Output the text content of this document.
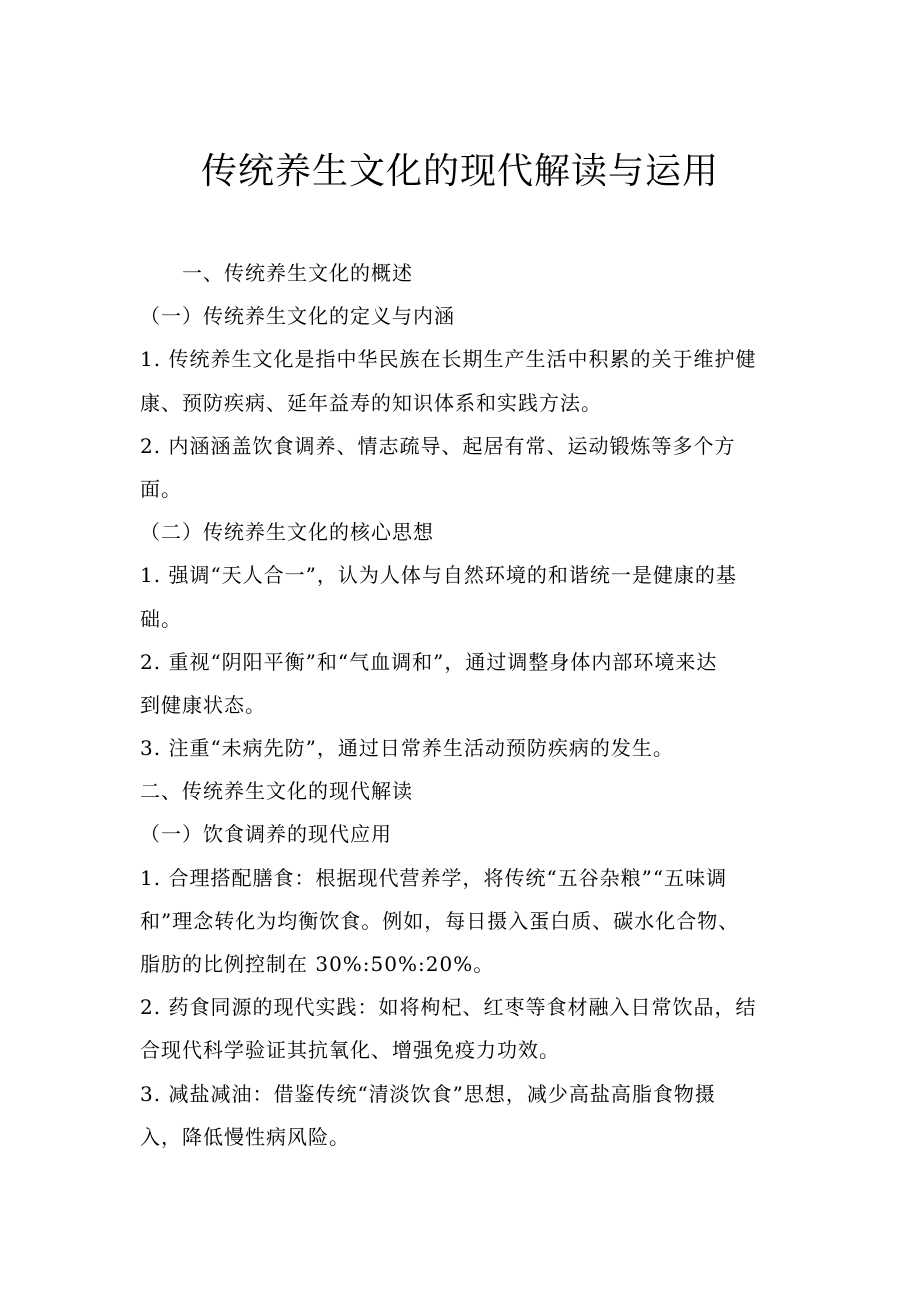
传统养生文化的现代解读与运用

一、传统养生文化的概述

（一）传统养生文化的定义与内涵

1. 传统养生文化是指中华民族在长期生产生活中积累的关于维护健

康、预防疾病、延年益寿的知识体系和实践方法。

2. 内涵涵盖饮食调养、情志疏导、起居有常、运动锻炼等多个方

面。

（二）传统养生文化的核心思想

1. 强调“天人合一”，认为人体与自然环境的和谐统一是健康的基

础。

2. 重视“阴阳平衡”和“气血调和”，通过调整身体内部环境来达

到健康状态。

3. 注重“未病先防”，通过日常养生活动预防疾病的发生。

二、传统养生文化的现代解读

（一）饮食调养的现代应用

1. 合理搭配膳食：根据现代营养学，将传统“五谷杂粮”“五味调

和”理念转化为均衡饮食。例如，每日摄入蛋白质、碳水化合物、

脂肪的比例控制在 30%:50%:20%。

2. 药食同源的现代实践：如将枸杞、红枣等食材融入日常饮品，结

合现代科学验证其抗氧化、增强免疫力功效。

3. 减盐减油：借鉴传统“清淡饮食”思想，减少高盐高脂食物摄

入，降低慢性病风险。
